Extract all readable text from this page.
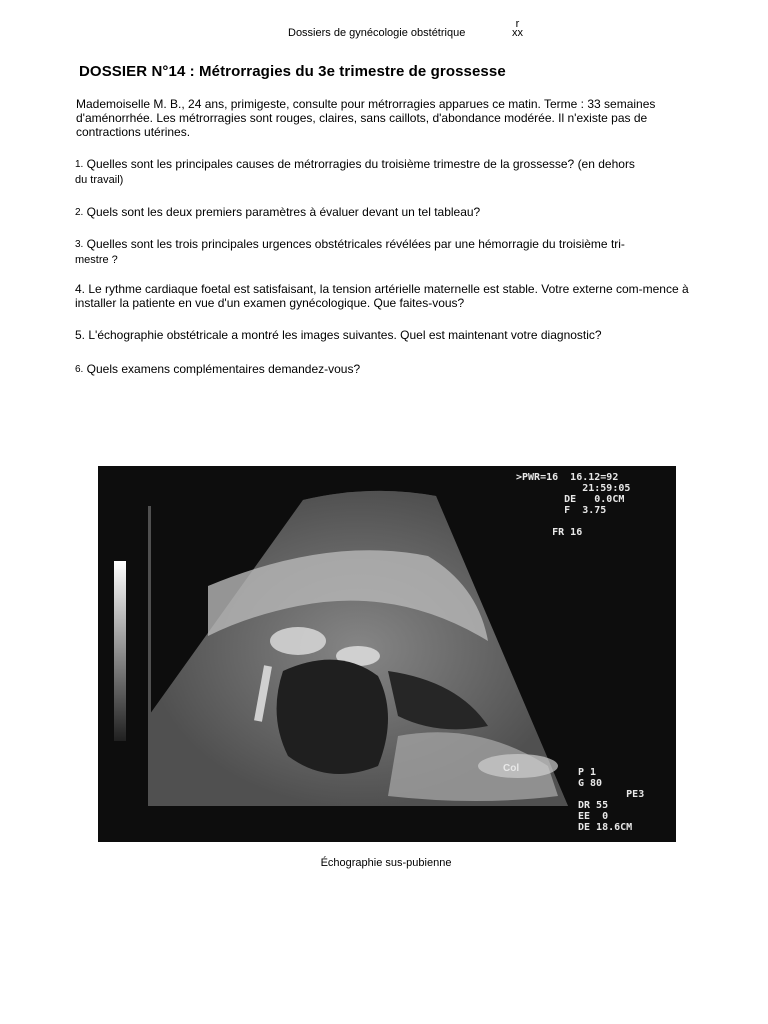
Dossiers de gynécologie obstétrique
r
xx
DOSSIER N°14 : Métrorragies du 3e trimestre de grossesse
Mademoiselle M. B., 24 ans, primigeste, consulte pour métrorragies apparues ce matin. Terme : 33 semaines d'aménorrhée. Les métrorragies sont rouges, claires, sans caillots, d'abondance modérée. Il n'existe pas de contractions utérines.
1. Quelles sont les principales causes de métrorragies du troisième trimestre de la grossesse? (en dehors
du travail)
2. Quels sont les deux premiers paramètres à évaluer devant un tel tableau?
3. Quelles sont les trois principales urgences obstétricales révélées par une hémorragie du troisième tri-
mestre ?
4. Le rythme cardiaque foetal est satisfaisant, la tension artérielle maternelle est stable. Votre externe com-mence à installer la patiente en vue d'un examen gynécologique. Que faites-vous?
5. L'échographie obstétricale a montré les images suivantes. Quel est maintenant votre diagnostic?
6. Quels examens complémentaires demandez-vous?
>PWR=16  16.12=92
21:59:05
DE   0.0CM
F  3.75

FR 16
Col	P 1
G 80
PE3
DR 55
EE  0
DE 18.6CM
Échographie sus-pubienne
